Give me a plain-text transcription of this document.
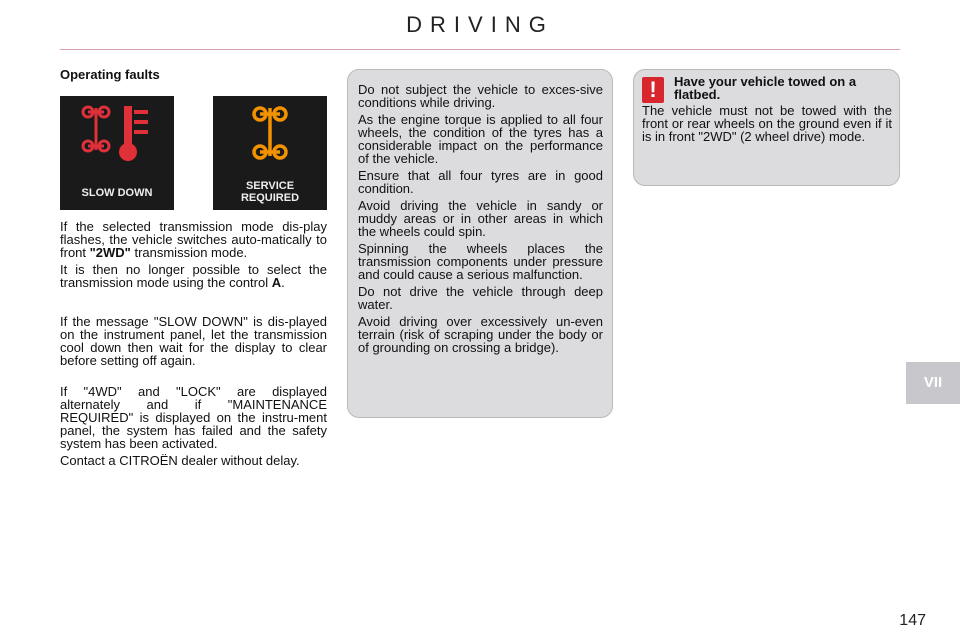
DRIVING
Operating faults
SLOW DOWN
SERVICE
REQUIRED

If the selected transmission mode dis-play flashes, the vehicle switches auto-matically to front "2WD" transmission mode.

It is then no longer possible to select the transmission mode using the control A.

If the message "SLOW DOWN" is dis-played on the instrument panel, let the transmission cool down then wait for the display to clear before setting off again.

If "4WD" and "LOCK" are displayed alternately and if "MAINTENANCE REQUIRED" is displayed on the instru-ment panel, the system has failed and the safety system has been activated.

Contact a CITROËN dealer without delay.

Do not subject the vehicle to exces-sive conditions while driving.

As the engine torque is applied to all four wheels, the condition of the tyres has a considerable impact on the performance of the vehicle.

Ensure that all four tyres are in good condition.

Avoid driving the vehicle in sandy or muddy areas or in other areas in which the wheels could spin.

Spinning the wheels places the transmission components under pressure and could cause a serious malfunction.

Do not drive the vehicle through deep water.

Avoid driving over excessively un-even terrain (risk of scraping under the body or of grounding on crossing a bridge).

!	Have your vehicle towed on a flatbed.

The vehicle must not be towed with the front or rear wheels on the ground even if it is in front "2WD" (2 wheel drive) mode.

VII
147
